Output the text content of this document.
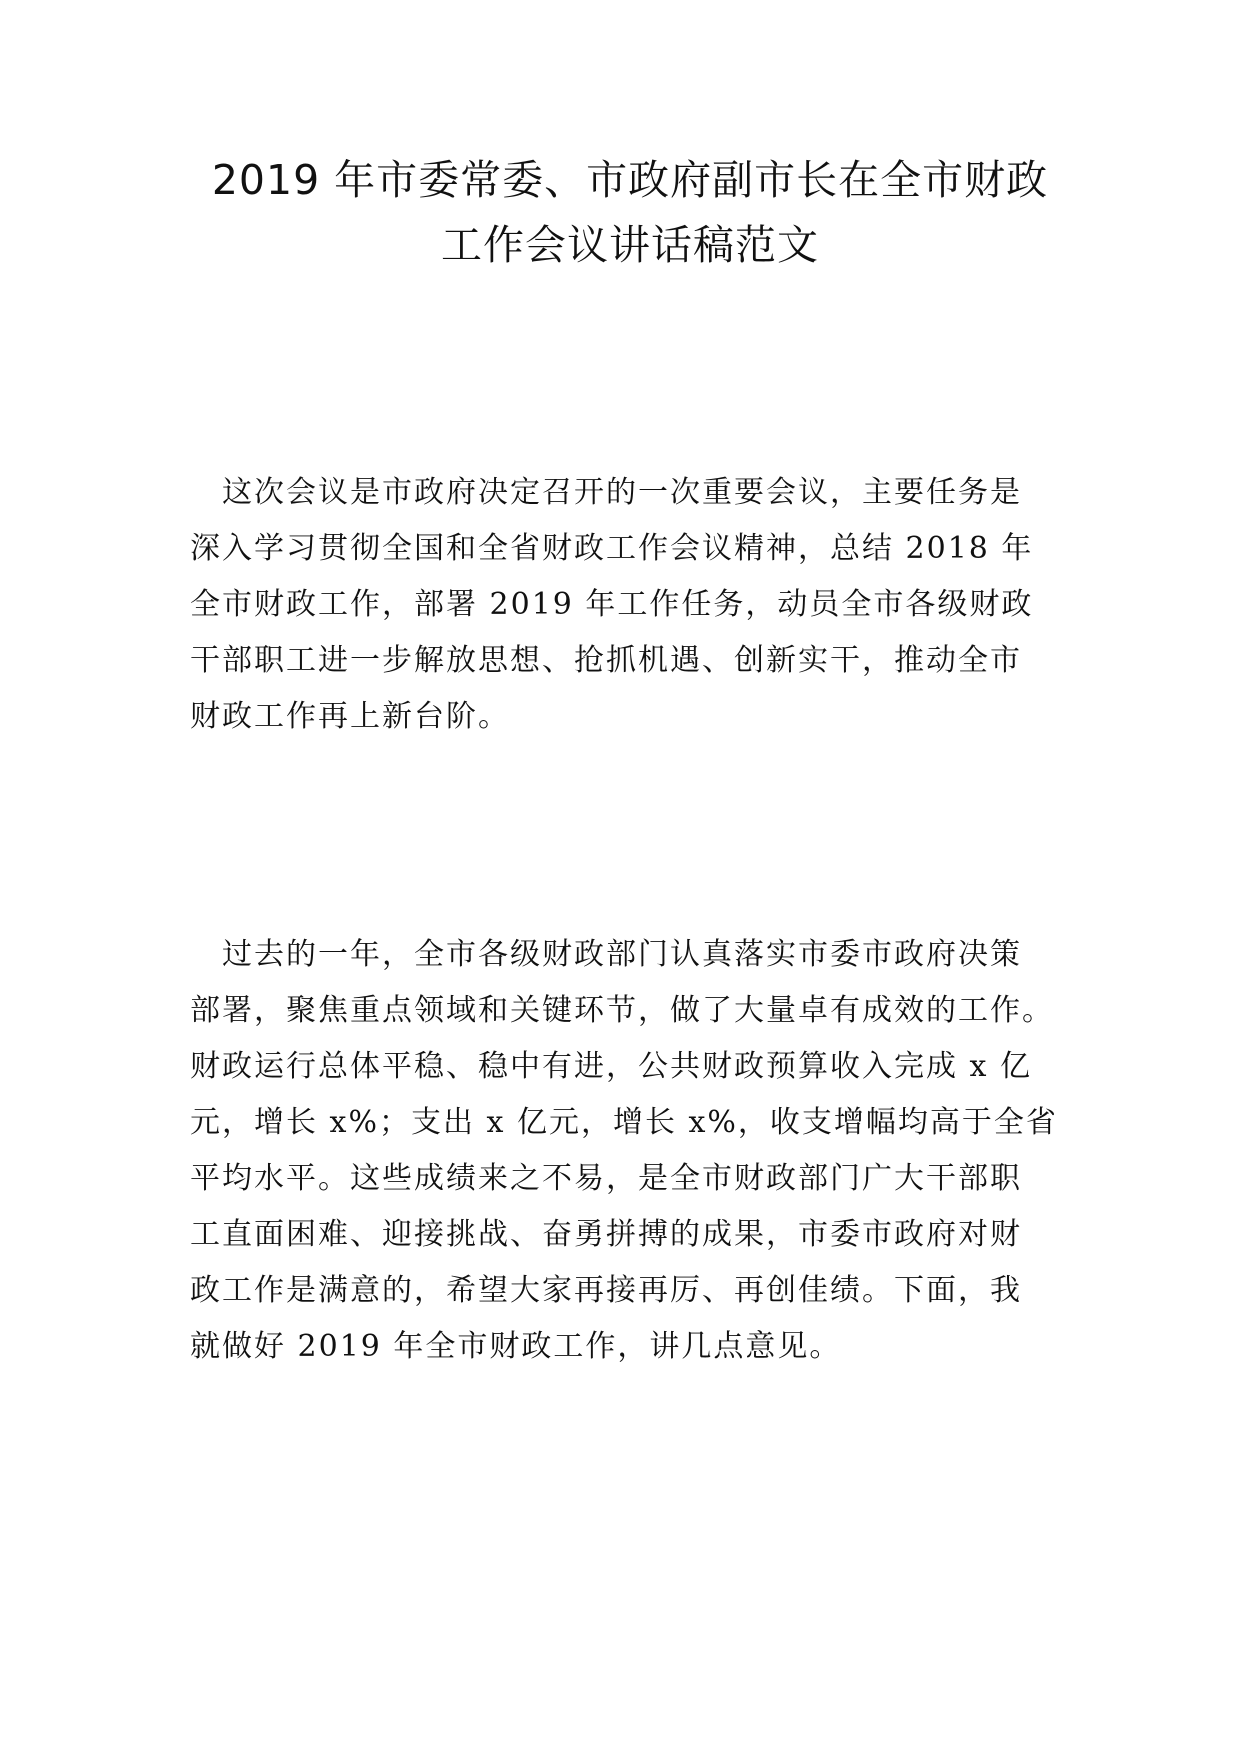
2019 年市委常委、市政府副市长在全市财政
工作会议讲话稿范文
这次会议是市政府决定召开的一次重要会议，主要任务是
深入学习贯彻全国和全省财政工作会议精神，总结 2018 年
全市财政工作，部署 2019 年工作任务，动员全市各级财政
干部职工进一步解放思想、抢抓机遇、创新实干，推动全市
财政工作再上新台阶。
过去的一年，全市各级财政部门认真落实市委市政府决策
部署，聚焦重点领域和关键环节，做了大量卓有成效的工作。
财政运行总体平稳、稳中有进，公共财政预算收入完成 x 亿
元，增长 x%；支出 x 亿元，增长 x%，收支增幅均高于全省
平均水平。这些成绩来之不易，是全市财政部门广大干部职
工直面困难、迎接挑战、奋勇拼搏的成果，市委市政府对财
政工作是满意的，希望大家再接再厉、再创佳绩。下面，我
就做好 2019 年全市财政工作，讲几点意见。
